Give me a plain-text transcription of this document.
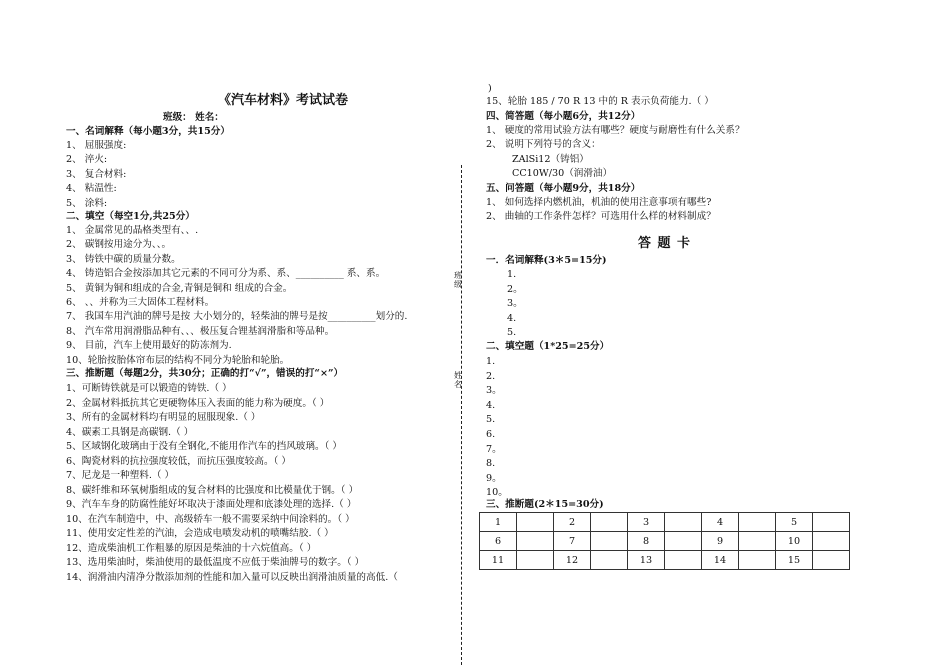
《汽车材料》考试试卷
班级： 姓名：
一、名词解释（每小题3分，共15分）
1、 屈服强度:
2、 淬火:
3、 复合材料:
4、 粘温性:
5、 涂料:
二、填空（每空1分,共25分）
1、 金属常见的晶格类型有、、.
2、 碳钢按用途分为、、。
3、 铸铁中碳的质量分数。
4、 铸造铝合金按添加其它元素的不同可分为系、系、__________ 系、系。
5、 黄铜为铜和组成的合金,青铜是铜和 组成的合金。
6、 、、并称为三大固体工程材料。
7、 我国车用汽油的牌号是按 大小划分的，轻柴油的牌号是按__________划分的.
8、 汽车常用润滑脂品种有、、、极压复合锂基润滑脂和等品种。
9、 目前，汽车上使用最好的防冻剂为.
10、轮胎按胎体帘布层的结构不同分为轮胎和轮胎。
三、推断题（每题2分，共30分；正确的打“√”，错误的打“×”）
1、可断铸铁就是可以锻造的铸铁.（ ）
2、金属材料抵抗其它更硬物体压入表面的能力称为硬度。（ ）
3、所有的金属材料均有明显的屈服现象.（ ）
4、碳素工具钢是高碳钢.（ ）
5、区域钢化玻璃由于没有全钢化,不能用作汽车的挡风玻璃。（ ）
6、陶瓷材料的抗拉强度较低，而抗压强度较高。（ ）
7、尼龙是一种塑料.（ ）
8、碳纤维和环氧树脂组成的复合材料的比强度和比模量优于钢。（ ）
9、汽车车身的防腐性能好坏取决于漆面处理和底漆处理的选择.（ ）
10、在汽车制造中，中、高级轿车一般不需要采纳中间涂料的。（ ）
11、使用安定性差的汽油，会造成电喷发动机的喷嘴结胶.（ ）
12、造成柴油机工作粗暴的原因是柴油的十六烷值高。（ ）
13、选用柴油时，柴油使用的最低温度不应低于柴油牌号的数字。（ ）
14、润滑油内清净分散添加剂的性能和加入量可以反映出润滑油质量的高低.（
班级
姓名
)
15、轮胎 185 / 70 R 13 中的 R 表示负荷能力.（ ）
四、简答题（每小题6分，共12分）
1、 硬度的常用试验方法有哪些？硬度与耐磨性有什么关系？
2、 说明下列符号的含义：
ZAlSi12（铸铝）
CC10W/30（润滑油）
五、问答题（每小题9分，共18分）
1、 如何选择内燃机油，机油的使用注意事项有哪些?
2、 曲轴的工作条件怎样？可选用什么样的材料制成？
答 题 卡
一．名词解释(3＊5=15分)
1.
2。
3。
4.
5.
二、填空题（1*25=25分）
1.
2.
3。
4.
5.
6.
7。
8.
9。
10。
三、推断题(2＊15=30分)
1		2		3		4		5	
6		7		8		9		10	
11		12		13		14		15	
